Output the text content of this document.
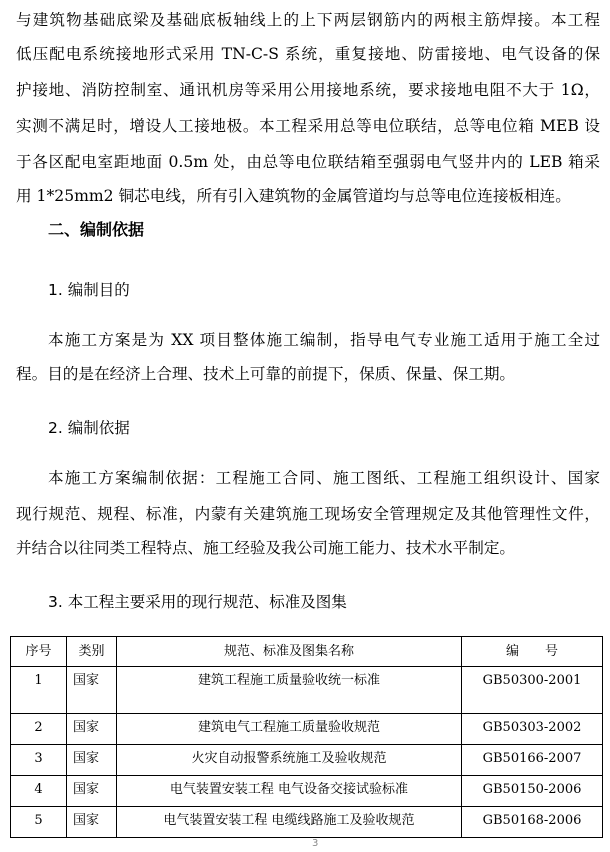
与建筑物基础底梁及基础底板轴线上的上下两层钢筋内的两根主筋焊接。本工程
低压配电系统接地形式采用 TN-C-S 系统，重复接地、防雷接地、电气设备的保
护接地、消防控制室、通讯机房等采用公用接地系统，要求接地电阻不大于 1Ω，
实测不满足时，增设人工接地极。本工程采用总等电位联结，总等电位箱 MEB 设
于各区配电室距地面 0.5m 处，由总等电位联结箱至强弱电气竖井内的 LEB 箱采
用 1*25mm2 铜芯电线，所有引入建筑物的金属管道均与总等电位连接板相连。
二、编制依据
1. 编制目的
本施工方案是为 XX 项目整体施工编制，指导电气专业施工适用于施工全过
程。目的是在经济上合理、技术上可靠的前提下，保质、保量、保工期。
2. 编制依据
本施工方案编制依据：工程施工合同、施工图纸、工程施工组织设计、国家
现行规范、规程、标准，内蒙有关建筑施工现场安全管理规定及其他管理性文件，
并结合以往同类工程特点、施工经验及我公司施工能力、技术水平制定。
3. 本工程主要采用的现行规范、标准及图集
序号	类别	规范、标准及图集名称	编　　号
1	国家	建筑工程施工质量验收统一标准	GB50300-2001
2	国家	建筑电气工程施工质量验收规范	GB50303-2002
3	国家	火灾自动报警系统施工及验收规范	GB50166-2007
4	国家	电气装置安装工程 电气设备交接试验标准	GB50150-2006
5	国家	电气装置安装工程 电缆线路施工及验收规范	GB50168-2006
3
